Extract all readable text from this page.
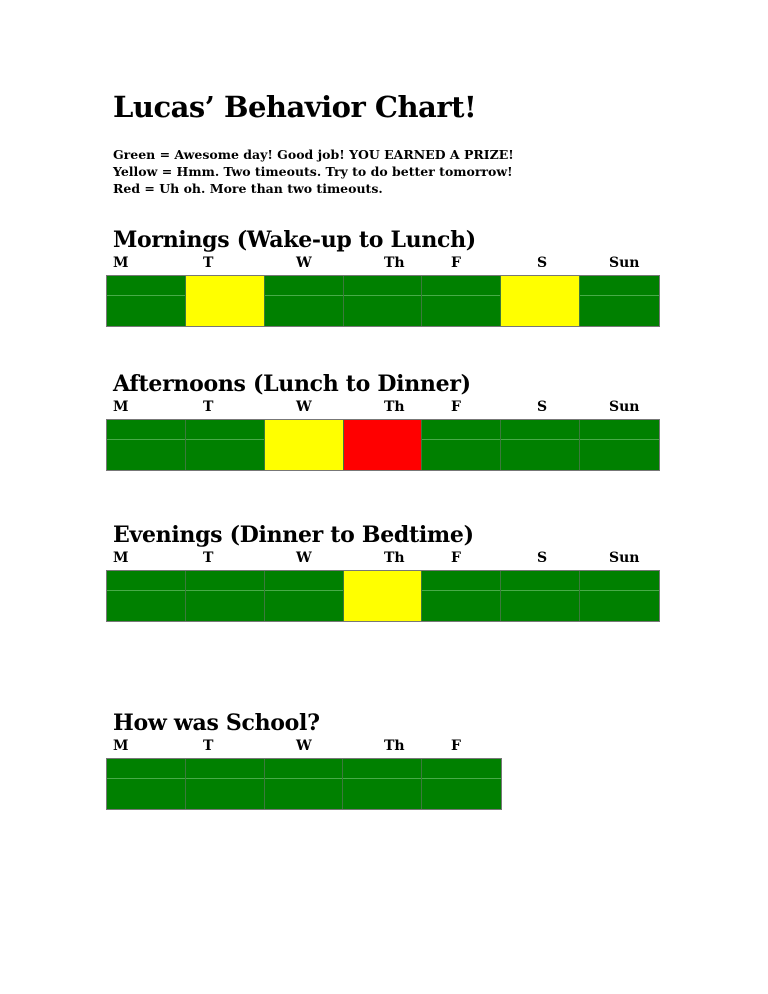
Lucas’ Behavior Chart!
Green = Awesome day! Good job! YOU EARNED A PRIZE!
Yellow = Hmm. Two timeouts. Try to do better tomorrow!
Red = Uh oh. More than two timeouts.
Mornings (Wake-up to Lunch)
M	T	W	Th	F	S	Sun
Afternoons (Lunch to Dinner)
M	T	W	Th	F	S	Sun
Evenings (Dinner to Bedtime)
M	T	W	Th	F	S	Sun
How was School?
M	T	W	Th	F
